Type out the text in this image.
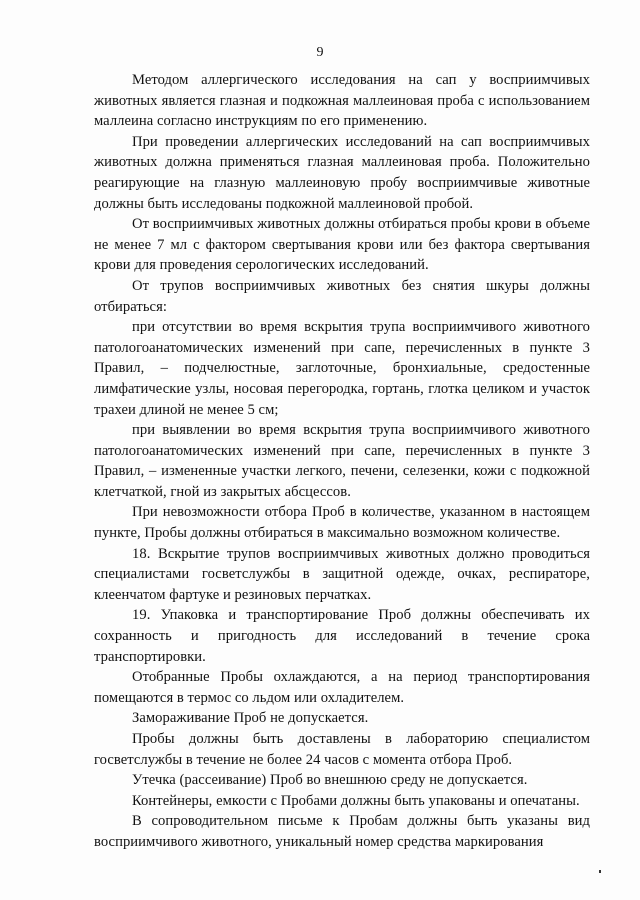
9

Методом аллергического исследования на сап у восприимчивых животных является глазная и подкожная маллеиновая проба с использованием маллеина согласно инструкциям по его применению.

При проведении аллергических исследований на сап восприимчивых животных должна применяться глазная маллеиновая проба. Положительно реагирующие на глазную маллеиновую пробу восприимчивые животные должны быть исследованы подкожной маллеиновой пробой.

От восприимчивых животных должны отбираться пробы крови в объеме не менее 7 мл с фактором свертывания крови или без фактора свертывания крови для проведения серологических исследований.

От трупов восприимчивых животных без снятия шкуры должны отбираться:

при отсутствии во время вскрытия трупа восприимчивого животного патологоанатомических изменений при сапе, перечисленных в пункте 3 Правил, – подчелюстные, заглоточные, бронхиальные, средостенные лимфатические узлы, носовая перегородка, гортань, глотка целиком и участок трахеи длиной не менее 5 см;

при выявлении во время вскрытия трупа восприимчивого животного патологоанатомических изменений при сапе, перечисленных в пункте 3 Правил, – измененные участки легкого, печени, селезенки, кожи с подкожной клетчаткой, гной из закрытых абсцессов.

При невозможности отбора Проб в количестве, указанном в настоящем пункте, Пробы должны отбираться в максимально возможном количестве.

18. Вскрытие трупов восприимчивых животных должно проводиться специалистами госветслужбы в защитной одежде, очках, респираторе, клеенчатом фартуке и резиновых перчатках.

19. Упаковка и транспортирование Проб должны обеспечивать их сохранность и пригодность для исследований в течение срока транспортировки.

Отобранные Пробы охлаждаются, а на период транспортирования помещаются в термос со льдом или охладителем.

Замораживание Проб не допускается.

Пробы должны быть доставлены в лабораторию специалистом госветслужбы в течение не более 24 часов с момента отбора Проб.

Утечка (рассеивание) Проб во внешнюю среду не допускается.

Контейнеры, емкости с Пробами должны быть упакованы и опечатаны.

В сопроводительном письме к Пробам должны быть указаны вид восприимчивого животного, уникальный номер средства маркирования
